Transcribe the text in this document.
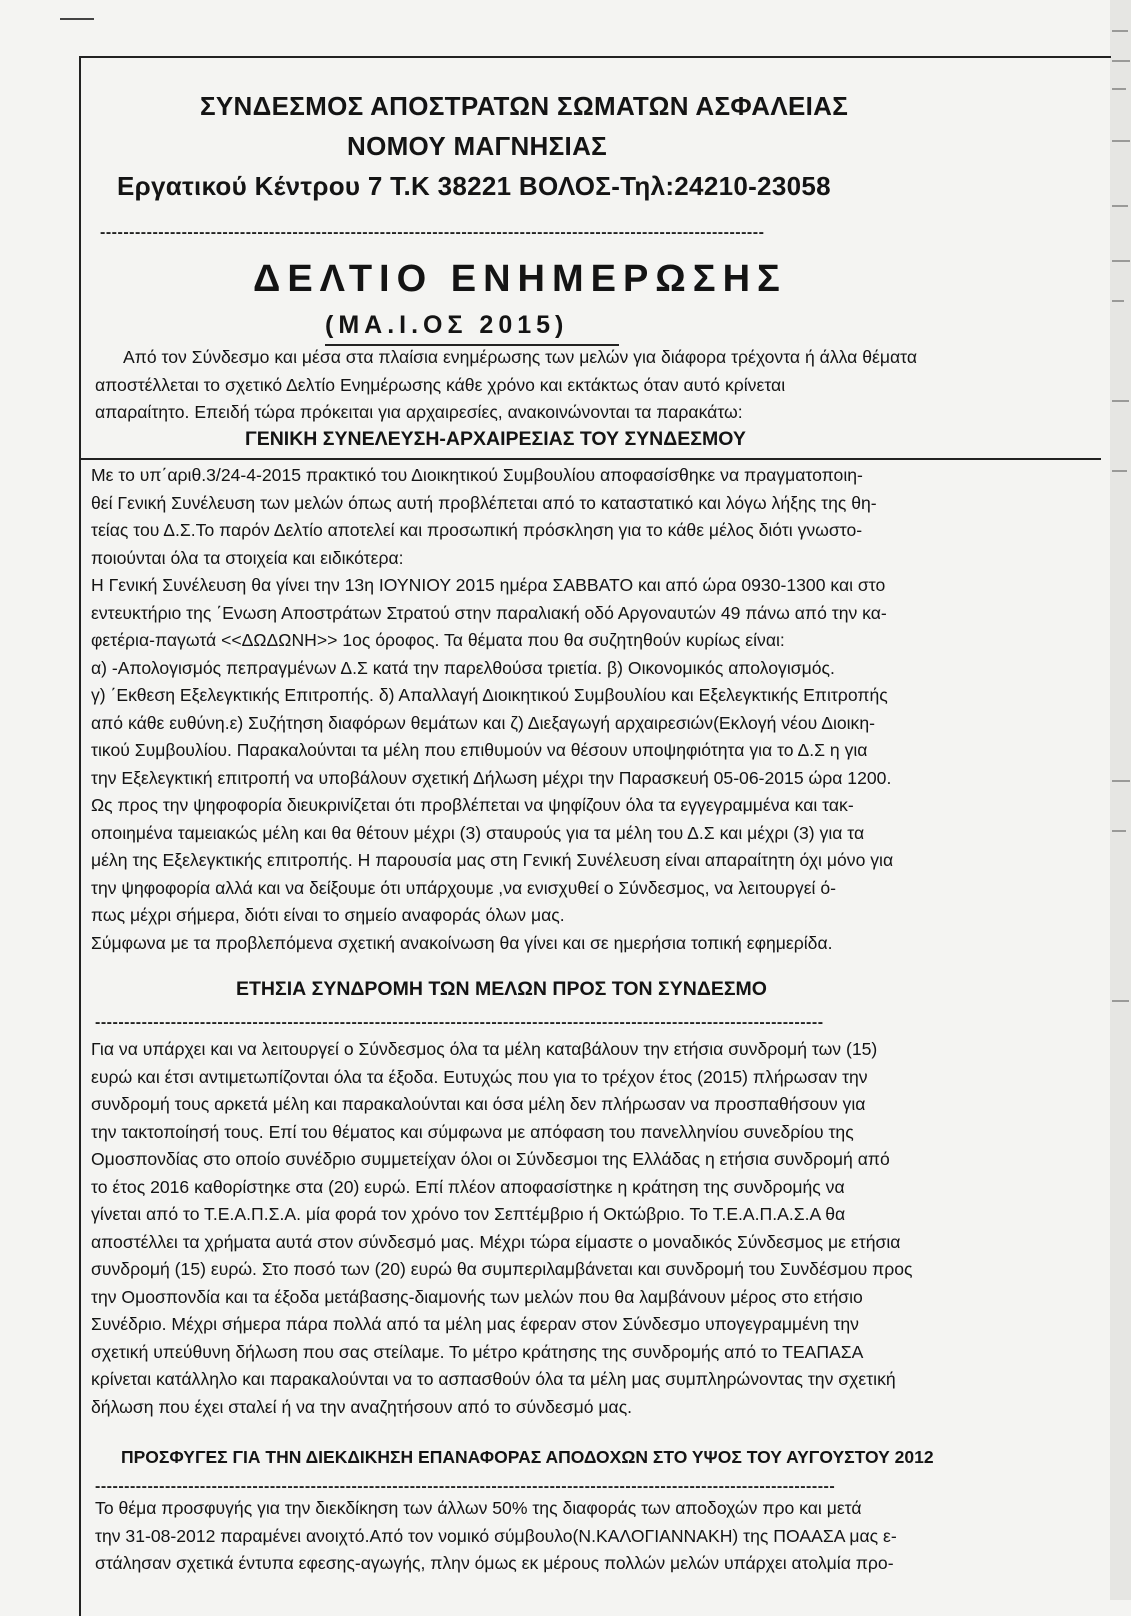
ΣΥΝΔΕΣΜΟΣ ΑΠΟΣΤΡΑΤΩΝ ΣΩΜΑΤΩΝ ΑΣΦΑΛΕΙΑΣ
ΝΟΜΟΥ ΜΑΓΝΗΣΙΑΣ
Εργατικού Κέντρου 7 Τ.Κ 38221 ΒΟΛΟΣ-Τηλ:24210-23058
------------------------------------------------------------------------------------------------------------------
ΔΕΛΤΙΟ ΕΝΗΜΕΡΩΣΗΣ
(ΜΑ.Ι.ΟΣ 2015)
Από τον Σύνδεσμο και μέσα στα πλαίσια ενημέρωσης των μελών για διάφορα τρέχοντα ή άλλα θέματα
αποστέλλεται το σχετικό Δελτίο Ενημέρωσης κάθε χρόνο και εκτάκτως όταν αυτό κρίνεται
απαραίτητο. Επειδή τώρα πρόκειται για αρχαιρεσίες, ανακοινώνονται τα παρακάτω:
ΓΕΝΙΚΗ ΣΥΝΕΛΕΥΣΗ-ΑΡΧΑΙΡΕΣΙΑΣ ΤΟΥ ΣΥΝΔΕΣΜΟΥ
Με το υπ΄αριθ.3/24-4-2015 πρακτικό του Διοικητικού Συμβουλίου αποφασίσθηκε να πραγματοποιη-
θεί Γενική Συνέλευση των μελών όπως αυτή προβλέπεται από το καταστατικό και λόγω λήξης της θη-
τείας του Δ.Σ.Το παρόν Δελτίο αποτελεί και προσωπική πρόσκληση για το κάθε μέλος διότι γνωστο-
ποιούνται όλα τα στοιχεία και ειδικότερα:
Η Γενική Συνέλευση θα γίνει την 13η ΙΟΥΝΙΟΥ 2015 ημέρα ΣΑΒΒΑΤΟ και από ώρα 0930-1300 και στο
εντευκτήριο της ΄Ενωση Αποστράτων Στρατού στην παραλιακή οδό Αργοναυτών 49 πάνω από την κα-
φετέρια-παγωτά <<ΔΩΔΩΝΗ>> 1ος όροφος. Τα θέματα που θα συζητηθούν κυρίως είναι:
α) -Απολογισμός πεπραγμένων Δ.Σ κατά την παρελθούσα τριετία. β) Οικονομικός απολογισμός.
γ) ΄Εκθεση Εξελεγκτικής Επιτροπής. δ) Απαλλαγή Διοικητικού Συμβουλίου και Εξελεγκτικής Επιτροπής
από κάθε ευθύνη.ε) Συζήτηση διαφόρων θεμάτων και ζ) Διεξαγωγή αρχαιρεσιών(Εκλογή νέου Διοικη-
τικού Συμβουλίου. Παρακαλούνται τα μέλη που επιθυμούν να θέσουν υποψηφιότητα για το Δ.Σ η για
την Εξελεγκτική επιτροπή να υποβάλουν σχετική Δήλωση μέχρι την Παρασκευή 05-06-2015 ώρα 1200.
Ως προς την ψηφοφορία διευκρινίζεται ότι προβλέπεται να ψηφίζουν όλα τα εγγεγραμμένα και τακ-
οποιημένα ταμειακώς μέλη και θα θέτουν μέχρι (3) σταυρούς για τα μέλη του Δ.Σ και μέχρι (3) για τα
μέλη της Εξελεγκτικής επιτροπής. Η παρουσία μας στη Γενική Συνέλευση είναι απαραίτητη όχι μόνο για
την ψηφοφορία αλλά και να δείξουμε ότι υπάρχουμε ,να ενισχυθεί ο Σύνδεσμος, να λειτουργεί ό-
πως μέχρι σήμερα, διότι είναι το σημείο αναφοράς όλων μας.
Σύμφωνα με τα προβλεπόμενα σχετική ανακοίνωση θα γίνει και σε ημερήσια τοπική εφημερίδα.
ΕΤΗΣΙΑ ΣΥΝΔΡΟΜΗ ΤΩΝ ΜΕΛΩΝ ΠΡΟΣ ΤΟΝ ΣΥΝΔΕΣΜΟ
-----------------------------------------------------------------------------------------------------------------------------
Για να υπάρχει και να λειτουργεί ο Σύνδεσμος όλα τα μέλη καταβάλουν την ετήσια συνδρομή των (15)
ευρώ και έτσι αντιμετωπίζονται όλα τα έξοδα. Ευτυχώς που για το τρέχον έτος (2015) πλήρωσαν την
συνδρομή τους αρκετά μέλη και παρακαλούνται και όσα μέλη δεν πλήρωσαν να προσπαθήσουν για
την τακτοποίησή τους. Επί του θέματος και σύμφωνα με απόφαση του πανελληνίου συνεδρίου της
Ομοσπονδίας στο οποίο συνέδριο συμμετείχαν όλοι οι Σύνδεσμοι της Ελλάδας η ετήσια συνδρομή από
το έτος 2016 καθορίστηκε στα (20) ευρώ. Επί πλέον αποφασίστηκε η κράτηση της συνδρομής να
γίνεται από το Τ.Ε.Α.Π.Σ.Α. μία φορά τον χρόνο τον Σεπτέμβριο ή Οκτώβριο. Το Τ.Ε.Α.Π.Α.Σ.Α θα
αποστέλλει τα χρήματα αυτά στον σύνδεσμό μας. Μέχρι τώρα είμαστε ο μοναδικός Σύνδεσμος με ετήσια
συνδρομή (15) ευρώ. Στο ποσό των (20) ευρώ θα συμπεριλαμβάνεται και συνδρομή του Συνδέσμου προς
την Ομοσπονδία και τα έξοδα μετάβασης-διαμονής των μελών που θα λαμβάνουν μέρος στο ετήσιο
Συνέδριο. Μέχρι σήμερα πάρα πολλά από τα μέλη μας έφεραν στον Σύνδεσμο υπογεγραμμένη την
σχετική υπεύθυνη δήλωση που σας στείλαμε. Το μέτρο κράτησης της συνδρομής από το ΤΕΑΠΑΣΑ
κρίνεται κατάλληλο και παρακαλούνται να το ασπασθούν όλα τα μέλη μας συμπληρώνοντας την σχετική
δήλωση που έχει σταλεί ή να την αναζητήσουν από το σύνδεσμό μας.
ΠΡΟΣΦΥΓΕΣ ΓΙΑ ΤΗΝ ΔΙΕΚΔΙΚΗΣΗ ΕΠΑΝΑΦΟΡΑΣ ΑΠΟΔΟΧΩΝ ΣΤΟ ΥΨΟΣ ΤΟΥ ΑΥΓΟΥΣΤΟΥ 2012
-------------------------------------------------------------------------------------------------------------------------------
Το θέμα προσφυγής για την διεκδίκηση των άλλων 50% της διαφοράς των αποδοχών προ και μετά
την 31-08-2012 παραμένει ανοιχτό.Από τον νομικό σύμβουλο(Ν.ΚΑΛΟΓΙΑΝΝΑΚΗ) της ΠΟΑΑΣΑ μας ε-
στάλησαν σχετικά έντυπα εφεσης-αγωγής, πλην όμως εκ μέρους πολλών μελών υπάρχει ατολμία προ-
